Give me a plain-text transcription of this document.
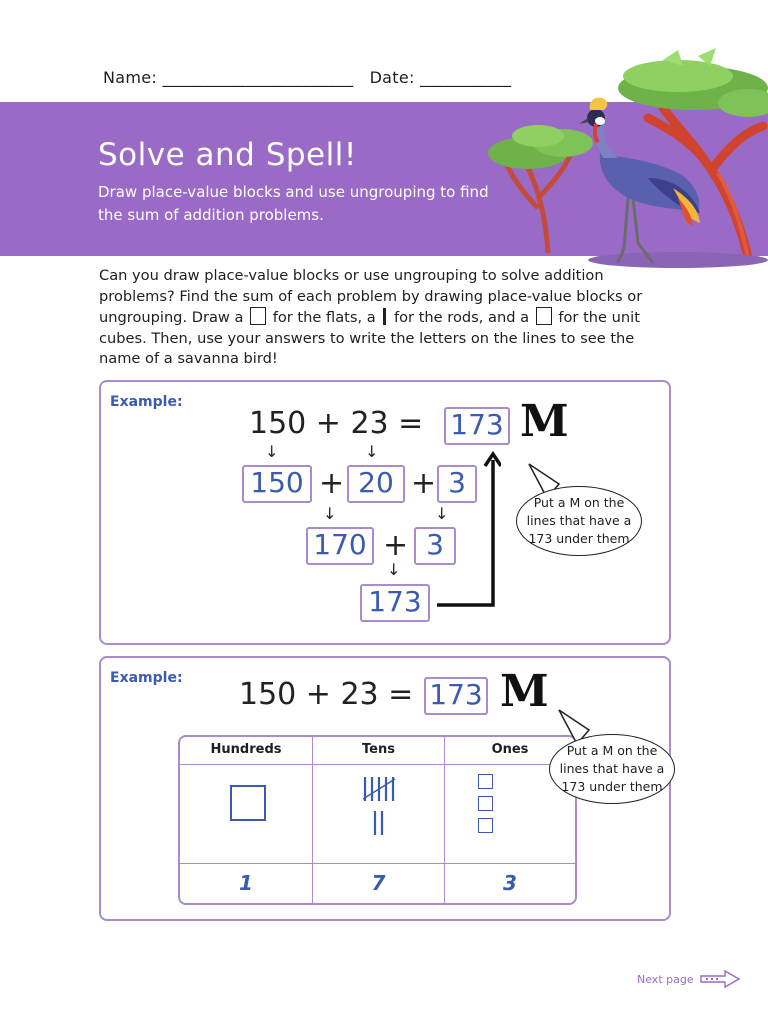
Name: _______________________ Date: ___________
Solve and Spell!
Draw place-value blocks and use ungrouping to find the sum of addition problems.
Can you draw place-value blocks or use ungrouping to solve addition problems? Find the sum of each problem by drawing place-value blocks or ungrouping. Draw a for the flats, a for the rods, and a for the unit cubes. Then, use your answers to write the letters on the lines to see the name of a savanna bird!
Example:
150 + 23 = 173 M
↓	↓
150 + 20 + 3
↓	↓
170 + 3
↓
173
Put a M on the lines that have a 173 under them
Example: 150 + 23 = 173 M
Hundreds
1
Tens
7
Ones
3
Put a M on the lines that have a 173 under them
Next page
